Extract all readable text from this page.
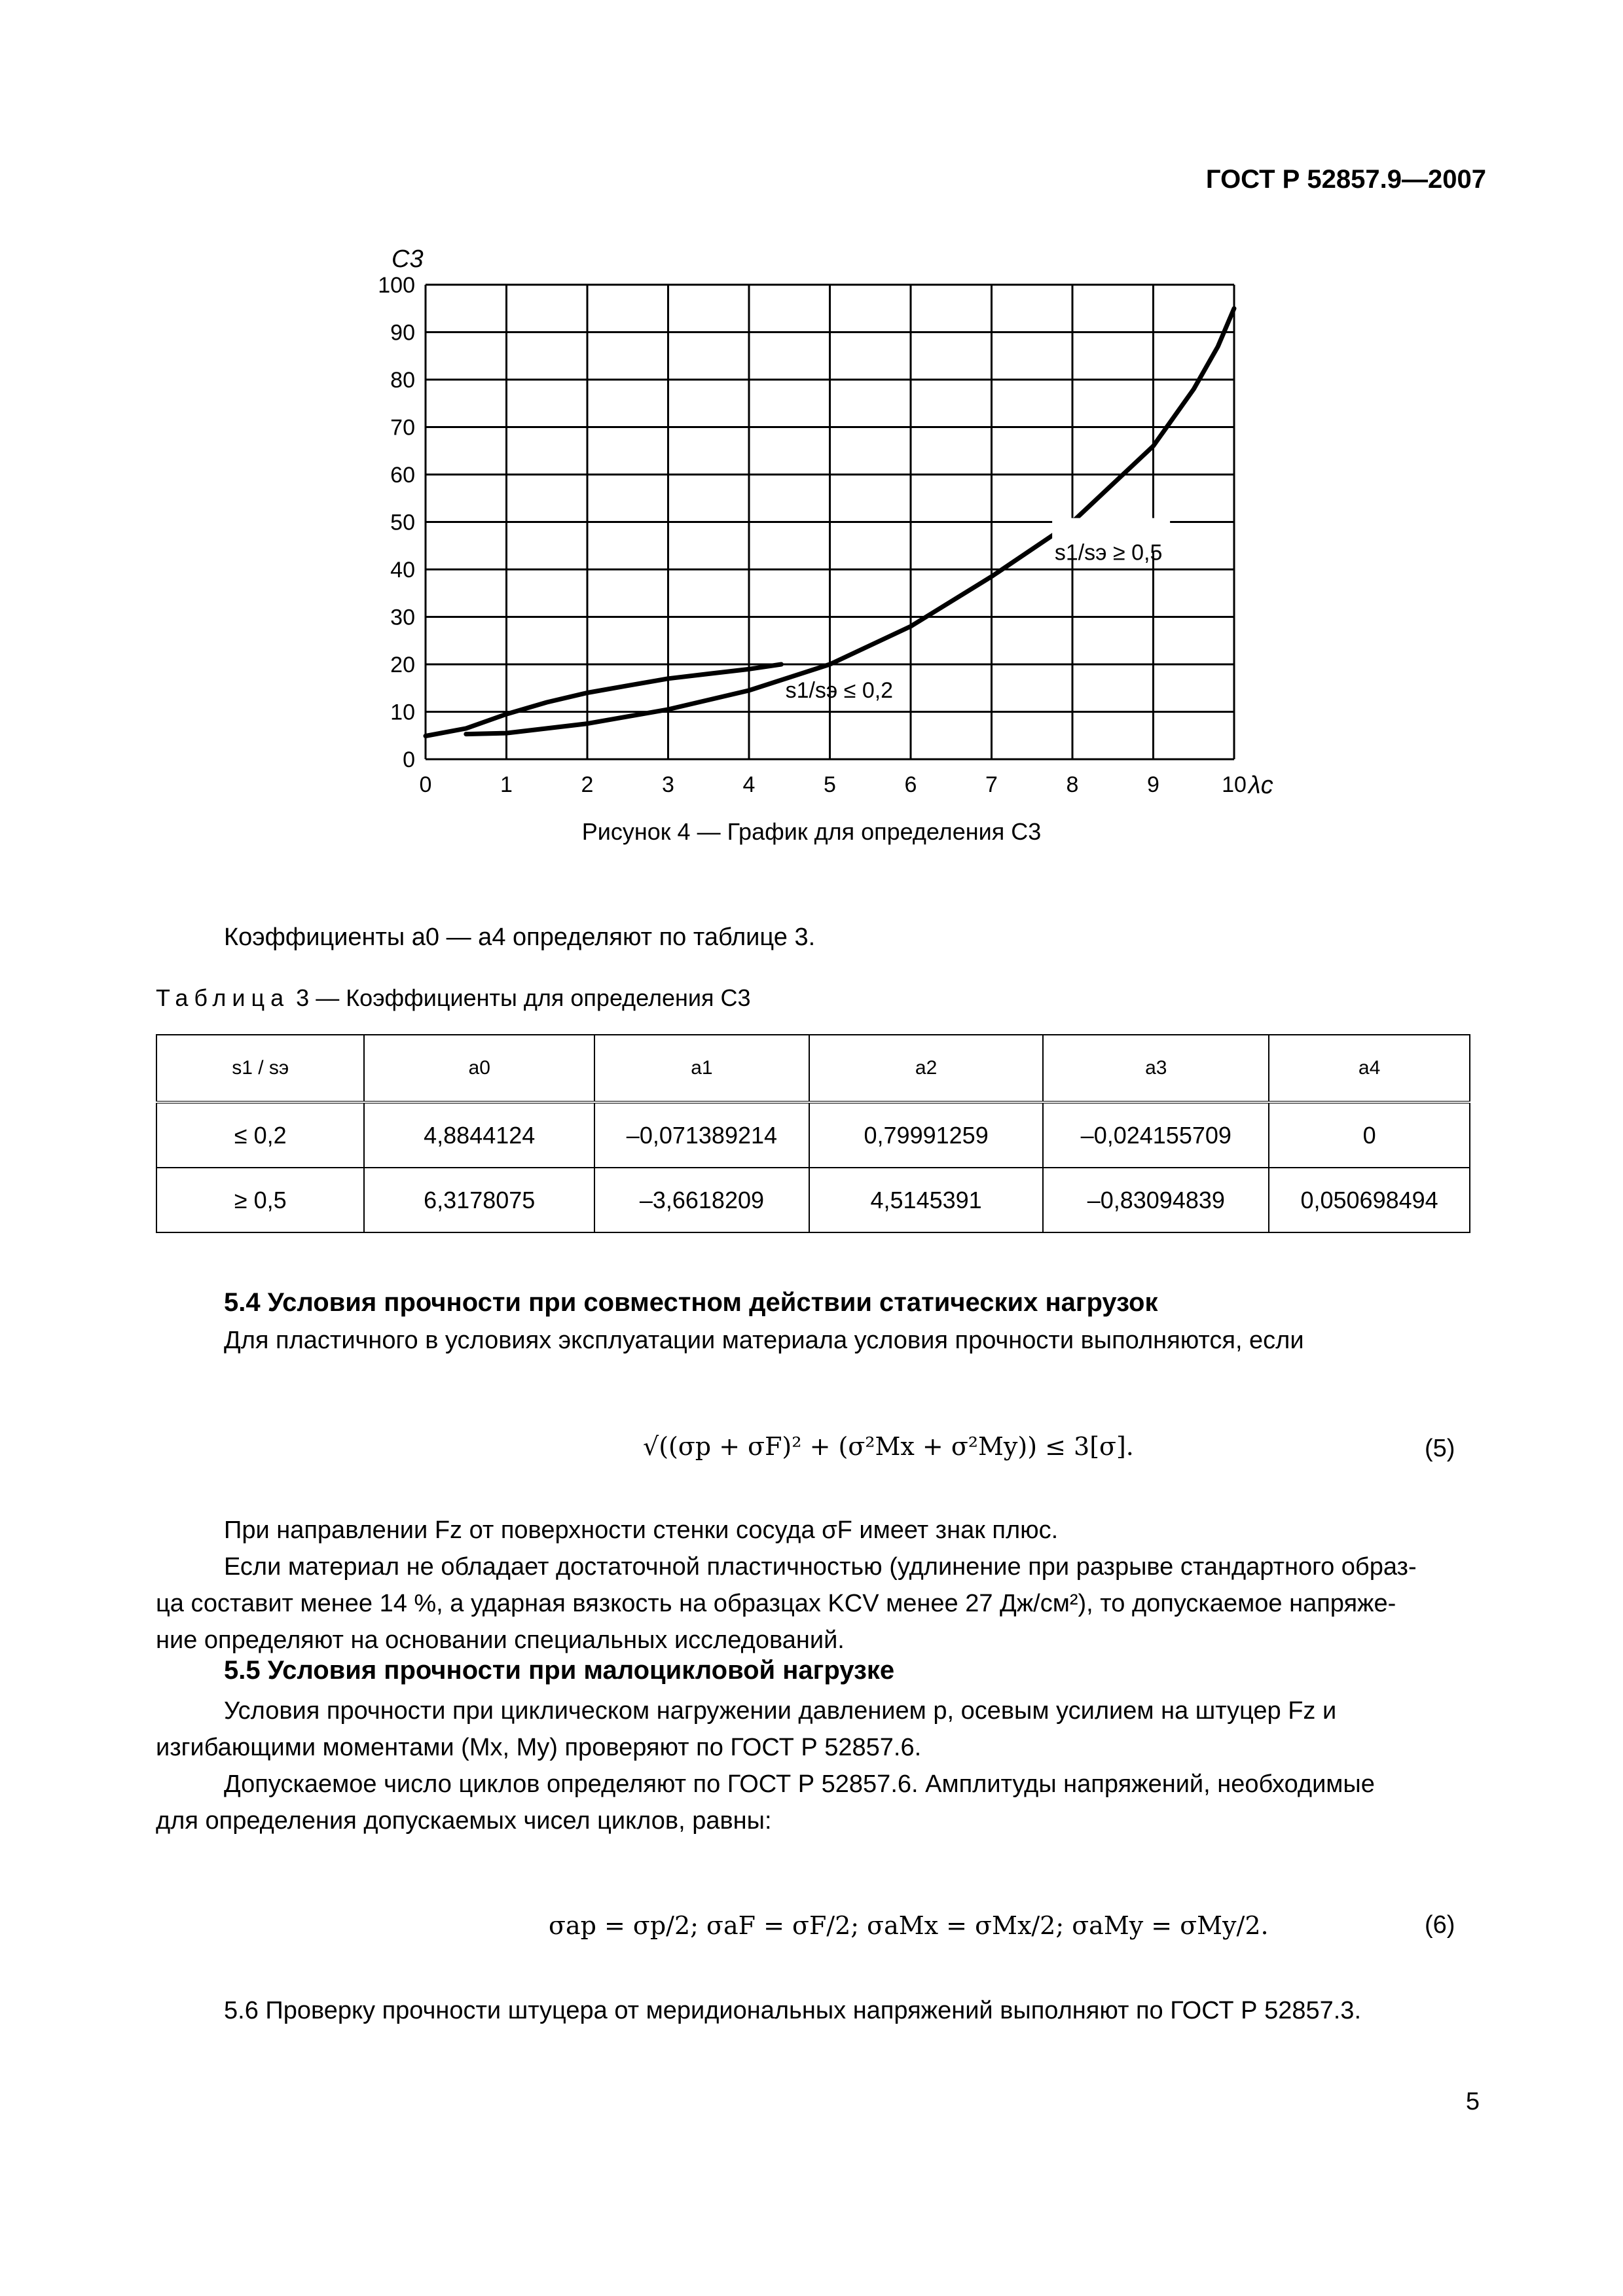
ГОСТ Р 52857.9—2007
0	1	2	3	4	5	6	7	8	9	10
0
10
20
30
40
50
60
70
80
90
100
C3
λc
s1/sэ ≤ 0,2
s1/sэ ≥ 0,5
Рисунок 4 — График для определения C3
Коэффициенты a0 — a4 определяют по таблице 3.
Таблица 3 — Коэффициенты для определения C3
s1 / sэ	a0	a1	a2	a3	a4
≤ 0,2	4,8844124	–0,071389214	0,79991259	–0,024155709	0
≥ 0,5	6,3178075	–3,6618209	4,5145391	–0,83094839	0,050698494
5.4 Условия прочности при совместном действии статических нагрузок
Для пластичного в условиях эксплуатации материала условия прочности выполняются, если
√((σp + σF)² + (σ²Mx + σ²My)) ≤ 3[σ].	(5)
При направлении Fz от поверхности стенки сосуда σF имеет знак плюс.
Если материал не обладает достаточной пластичностью (удлинение при разрыве стандартного образ-
ца составит менее 14 %, а ударная вязкость на образцах KCV менее 27 Дж/см²), то допускаемое напряже-
ние определяют на основании специальных исследований.
5.5 Условия прочности при малоцикловой нагрузке
Условия прочности при циклическом нагружении давлением p, осевым усилием на штуцер Fz и
изгибающими моментами (Mx, My) проверяют по ГОСТ Р 52857.6.
Допускаемое число циклов определяют по ГОСТ Р 52857.6. Амплитуды напряжений, необходимые
для определения допускаемых чисел циклов, равны:
σap = σp/2; σaF = σF/2; σaMx = σMx/2; σaMy = σMy/2.	(6)
5.6 Проверку прочности штуцера от меридиональных напряжений выполняют по ГОСТ Р 52857.3.
5
